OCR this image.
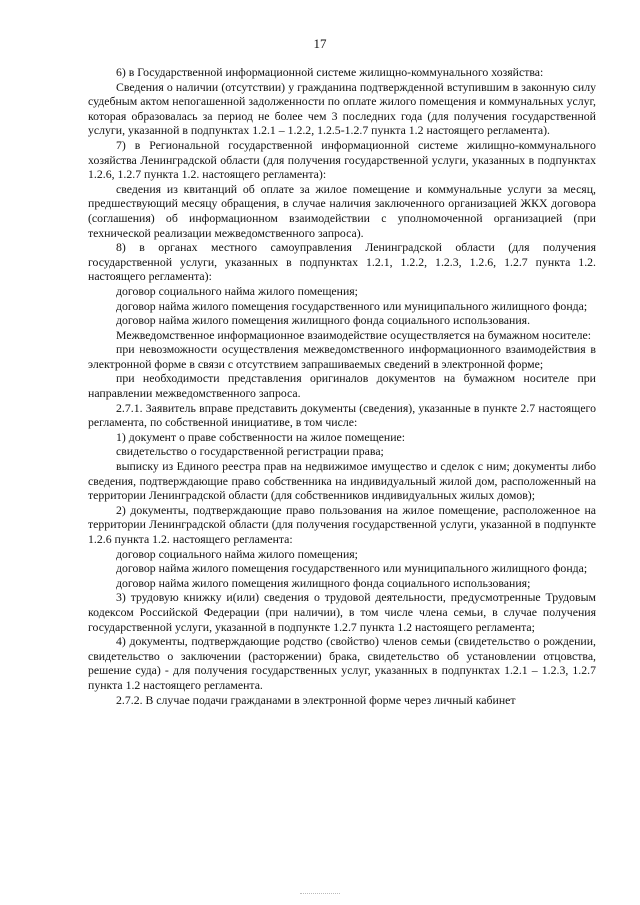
17

6) в Государственной информационной системе жилищно-коммунального хозяйства:

Сведения о наличии (отсутствии) у гражданина подтвержденной вступившим в законную силу судебным актом непогашенной задолженности по оплате жилого помещения и коммунальных услуг, которая образовалась за период не более чем 3 последних года (для получения государственной услуги, указанной в подпунктах 1.2.1 – 1.2.2, 1.2.5-1.2.7 пункта 1.2 настоящего регламента).

7) в Региональной государственной информационной системе жилищно-коммунального хозяйства Ленинградской области (для получения государственной услуги, указанных в подпунктах 1.2.6, 1.2.7 пункта 1.2. настоящего регламента):

сведения из квитанций об оплате за жилое помещение и коммунальные услуги за месяц, предшествующий месяцу обращения, в случае наличия заключенного организацией ЖКХ договора (соглашения) об информационном взаимодействии с уполномоченной организацией (при технической реализации межведомственного запроса).

8) в органах местного самоуправления Ленинградской области (для получения государственной услуги, указанных в подпунктах 1.2.1, 1.2.2, 1.2.3, 1.2.6, 1.2.7 пункта 1.2. настоящего регламента):

договор социального найма жилого помещения;

договор найма жилого помещения государственного или муниципального жилищного фонда;

договор найма жилого помещения жилищного фонда социального использования.

Межведомственное информационное взаимодействие осуществляется на бумажном носителе:

при невозможности осуществления межведомственного информационного взаимодействия в электронной форме в связи с отсутствием запрашиваемых сведений в электронной форме;

при необходимости представления оригиналов документов на бумажном носителе при направлении межведомственного запроса.

2.7.1. Заявитель вправе представить документы (сведения), указанные в пункте 2.7 настоящего регламента, по собственной инициативе, в том числе:

1) документ о праве собственности на жилое помещение:

свидетельство о государственной регистрации права;

выписку из Единого реестра прав на недвижимое имущество и сделок с ним; документы либо сведения, подтверждающие право собственника на индивидуальный жилой дом, расположенный на территории Ленинградской области (для собственников индивидуальных жилых домов);

2) документы, подтверждающие право пользования на жилое помещение, расположенное на территории Ленинградской области (для получения государственной услуги, указанной в подпункте 1.2.6 пункта 1.2. настоящего регламента:

договор социального найма жилого помещения;

договор найма жилого помещения государственного или муниципального жилищного фонда;

договор найма жилого помещения жилищного фонда социального использования;

3) трудовую книжку и(или) сведения о трудовой деятельности, предусмотренные Трудовым кодексом Российской Федерации (при наличии), в том числе члена семьи, в случае получения государственной услуги, указанной в подпункте 1.2.7 пункта 1.2 настоящего регламента;

4) документы, подтверждающие родство (свойство) членов семьи (свидетельство о рождении, свидетельство о заключении (расторжении) брака, свидетельство об установлении отцовства, решение суда) - для получения государственных услуг, указанных в подпунктах 1.2.1 – 1.2.3, 1.2.7 пункта 1.2 настоящего регламента.

2.7.2. В случае подачи гражданами в электронной форме через личный кабинет
